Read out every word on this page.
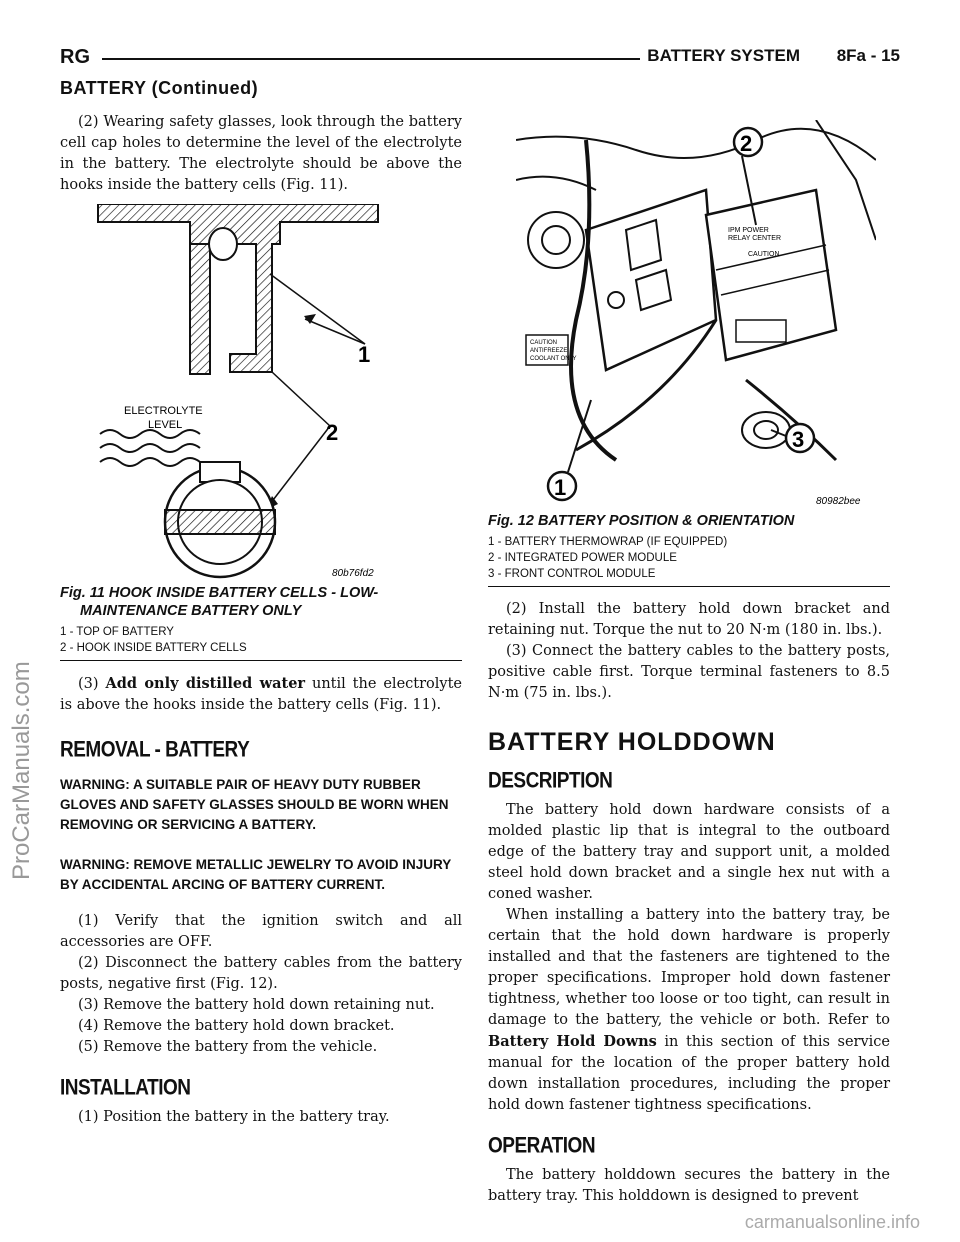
RG	BATTERY SYSTEM 8Fa - 15
BATTERY (Continued)
ProCarManuals.com
carmanualsonline.info

(2) Wearing safety glasses, look through the battery cell cap holes to determine the level of the electrolyte in the battery. The electrolyte should be above the hooks inside the battery cells (Fig. 11).

ELECTROLYTE
LEVEL
1
2
80b76fd2
Fig. 11 HOOK INSIDE BATTERY CELLS - LOW-
MAINTENANCE BATTERY ONLY
1 - TOP OF BATTERY
2 - HOOK INSIDE BATTERY CELLS

(3) Add only distilled water until the electrolyte is above the hooks inside the battery cells (Fig. 11).

REMOVAL - BATTERY

WARNING: A SUITABLE PAIR OF HEAVY DUTY RUBBER GLOVES AND SAFETY GLASSES SHOULD BE WORN WHEN REMOVING OR SERVICING A BATTERY.

WARNING: REMOVE METALLIC JEWELRY TO AVOID INJURY BY ACCIDENTAL ARCING OF BATTERY CURRENT.

(1) Verify that the ignition switch and all accessories are OFF.

(2) Disconnect the battery cables from the battery posts, negative first (Fig. 12).

(3) Remove the battery hold down retaining nut.

(4) Remove the battery hold down bracket.

(5) Remove the battery from the vehicle.

INSTALLATION

(1) Position the battery in the battery tray.

CAUTION
ANTIFREEZE
COOLANT ONLY
IPM POWER
RELAY CENTER
CAUTION
2
3
1
80982bee
Fig. 12 BATTERY POSITION & ORIENTATION
1 - BATTERY THERMOWRAP (IF EQUIPPED)
2 - INTEGRATED POWER MODULE
3 - FRONT CONTROL MODULE

(2) Install the battery hold down bracket and retaining nut. Torque the nut to 20 N·m (180 in. lbs.).

(3) Connect the battery cables to the battery posts, positive cable first. Torque terminal fasteners to 8.5 N·m (75 in. lbs.).

BATTERY HOLDDOWN
DESCRIPTION

The battery hold down hardware consists of a molded plastic lip that is integral to the outboard edge of the battery tray and support unit, a molded steel hold down bracket and a single hex nut with a coned washer.

When installing a battery into the battery tray, be certain that the hold down hardware is properly installed and that the fasteners are tightened to the proper specifications. Improper hold down fastener tightness, whether too loose or too tight, can result in damage to the battery, the vehicle or both. Refer to Battery Hold Downs in this section of this service manual for the location of the proper battery hold down installation procedures, including the proper hold down fastener tightness specifications.

OPERATION

The battery holddown secures the battery in the battery tray. This holddown is designed to prevent
